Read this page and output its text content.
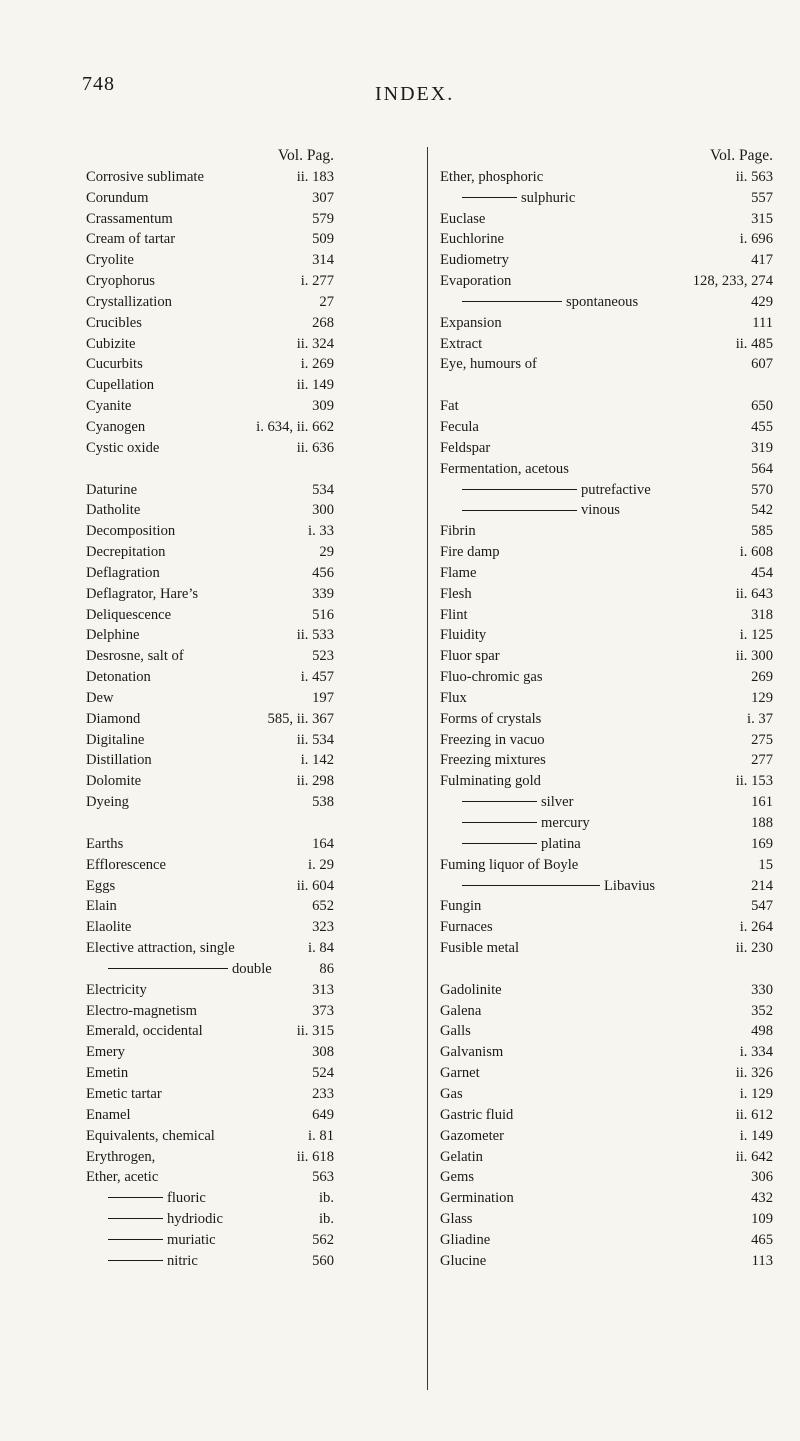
748	INDEX.
Vol. Pag.
Corrosive sublimate	ii. 183
Corundum	307
Crassamentum	579
Cream of tartar	509
Cryolite	314
Cryophorus	i. 277
Crystallization	27
Crucibles	268
Cubizite	ii. 324
Cucurbits	i. 269
Cupellation	ii. 149
Cyanite	309
Cyanogen	i. 634, ii. 662
Cystic oxide	ii. 636
Daturine	534
Datholite	300
Decomposition	i. 33
Decrepitation	29
Deflagration	456
Deflagrator, Hare’s	339
Deliquescence	516
Delphine	ii. 533
Desrosne, salt of	523
Detonation	i. 457
Dew	197
Diamond	585, ii. 367
Digitaline	ii. 534
Distillation	i. 142
Dolomite	ii. 298
Dyeing	538
Earths	164
Efflorescence	i. 29
Eggs	ii. 604
Elain	652
Elaolite	323
Elective attraction, single	i. 84
double	86
Electricity	313
Electro-magnetism	373
Emerald, occidental	ii. 315
Emery	308
Emetin	524
Emetic tartar	233
Enamel	649
Equivalents, chemical	i. 81
Erythrogen,	ii. 618
Ether, acetic	563
fluoric	ib.
hydriodic	ib.
muriatic	562
nitric	560
Vol. Page.
Ether, phosphoric	ii. 563
sulphuric	557
Euclase	315
Euchlorine	i. 696
Eudiometry	417
Evaporation	128, 233, 274
spontaneous	429
Expansion	111
Extract	ii. 485
Eye, humours of	607
Fat	650
Fecula	455
Feldspar	319
Fermentation, acetous	564
putrefactive	570
vinous	542
Fibrin	585
Fire damp	i. 608
Flame	454
Flesh	ii. 643
Flint	318
Fluidity	i. 125
Fluor spar	ii. 300
Fluo-chromic gas	269
Flux	129
Forms of crystals	i. 37
Freezing in vacuo	275
Freezing mixtures	277
Fulminating gold	ii. 153
silver	161
mercury	188
platina	169
Fuming liquor of Boyle	15
Libavius	214
Fungin	547
Furnaces	i. 264
Fusible metal	ii. 230
Gadolinite	330
Galena	352
Galls	498
Galvanism	i. 334
Garnet	ii. 326
Gas	i. 129
Gastric fluid	ii. 612
Gazometer	i. 149
Gelatin	ii. 642
Gems	306
Germination	432
Glass	109
Gliadine	465
Glucine	113
